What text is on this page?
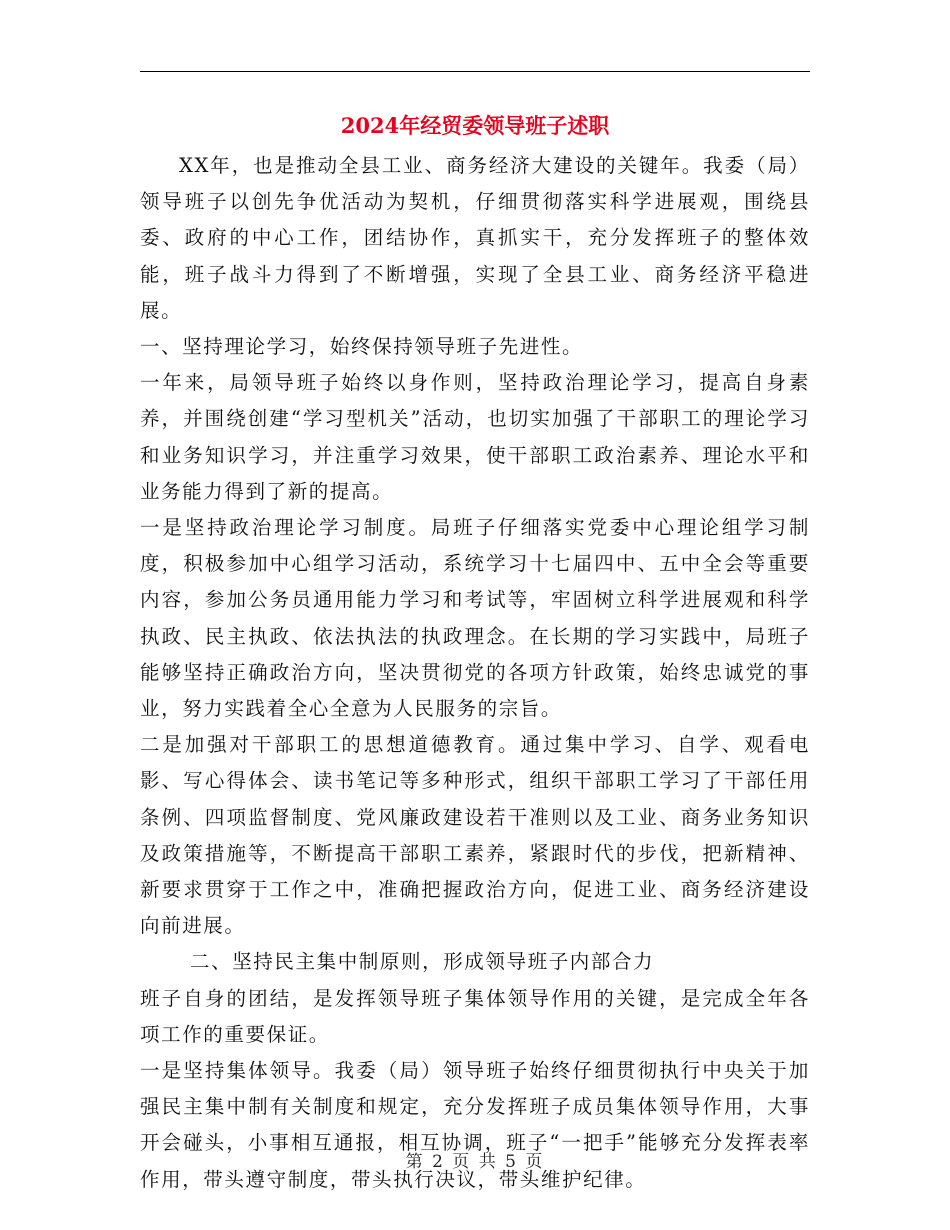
2024年经贸委领导班子述职

XX年，也是推动全县工业、商务经济大建设的关键年。我委（局）领导班子以创先争优活动为契机，仔细贯彻落实科学进展观，围绕县委、政府的中心工作，团结协作，真抓实干，充分发挥班子的整体效能，班子战斗力得到了不断增强，实现了全县工业、商务经济平稳进展。

一、坚持理论学习，始终保持领导班子先进性。

一年来，局领导班子始终以身作则，坚持政治理论学习，提高自身素养，并围绕创建“学习型机关”活动，也切实加强了干部职工的理论学习和业务知识学习，并注重学习效果，使干部职工政治素养、理论水平和业务能力得到了新的提高。

一是坚持政治理论学习制度。局班子仔细落实党委中心理论组学习制度，积极参加中心组学习活动，系统学习十七届四中、五中全会等重要内容，参加公务员通用能力学习和考试等，牢固树立科学进展观和科学执政、民主执政、依法执法的执政理念。在长期的学习实践中，局班子能够坚持正确政治方向，坚决贯彻党的各项方针政策，始终忠诚党的事业，努力实践着全心全意为人民服务的宗旨。

二是加强对干部职工的思想道德教育。通过集中学习、自学、观看电影、写心得体会、读书笔记等多种形式，组织干部职工学习了干部任用条例、四项监督制度、党风廉政建设若干准则以及工业、商务业务知识及政策措施等，不断提高干部职工素养，紧跟时代的步伐，把新精神、新要求贯穿于工作之中，准确把握政治方向，促进工业、商务经济建设向前进展。

二、坚持民主集中制原则，形成领导班子内部合力

班子自身的团结，是发挥领导班子集体领导作用的关键，是完成全年各项工作的重要保证。

一是坚持集体领导。我委（局）领导班子始终仔细贯彻执行中央关于加强民主集中制有关制度和规定，充分发挥班子成员集体领导作用，大事开会碰头，小事相互通报，相互协调，班子“一把手”能够充分发挥表率作用，带头遵守制度，带头执行决议，带头维护纪律。

第 2 页 共 5 页
